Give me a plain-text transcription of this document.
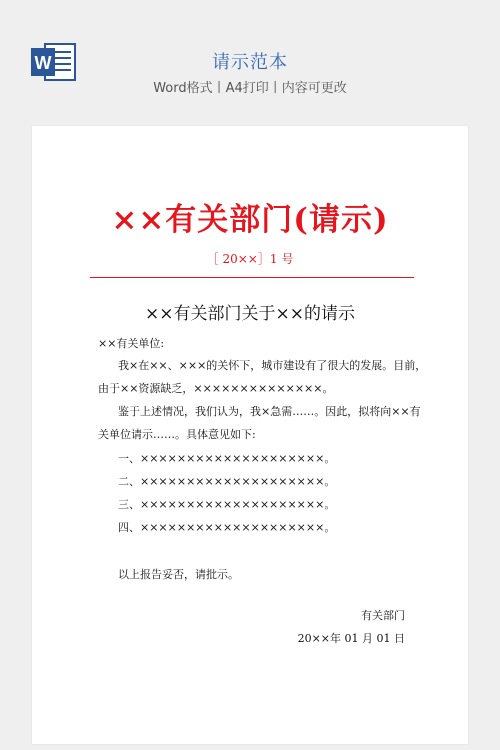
W	请示范本
Word格式丨A4打印丨内容可更改
××有关部门(请示)
［ 20××］1 号
××有关部门关于××的请示
××有关单位:
我×在××、×××的关怀下，城市建设有了很大的发展。目前，
由于××资源缺乏，××××××××××××××。
鉴于上述情况，我们认为，我×急需……。因此，拟将向××有
关单位请示……。具体意见如下:
一、××××××××××××××××××××。
二、××××××××××××××××××××。
三、××××××××××××××××××××。
四、××××××××××××××××××××。
以上报告妥否，请批示。
有关部门
20××年 01 月 01 日
